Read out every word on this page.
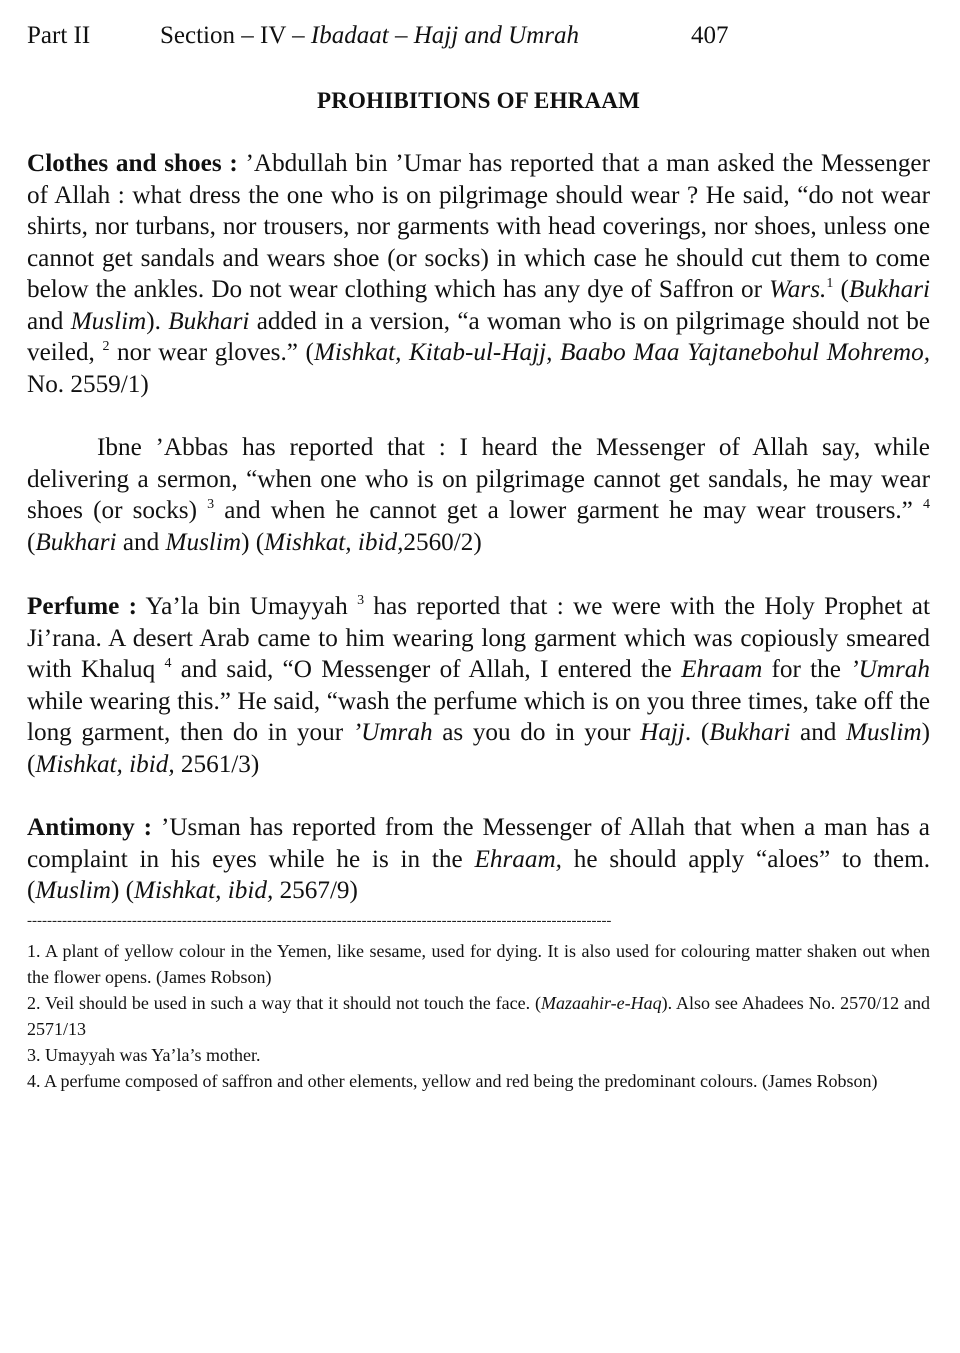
Part II	Section – IV – Ibadaat – Hajj and Umrah	407
PROHIBITIONS OF EHRAAM

Clothes and shoes : ’Abdullah bin ’Umar has reported that a man asked the Messenger of Allah : what dress the one who is on pilgrimage should wear ? He said, “do not wear shirts, nor turbans, nor trousers, nor garments with head coverings, nor shoes, unless one cannot get sandals and wears shoe (or socks) in which case he should cut them to come below the ankles. Do not wear clothing which has any dye of Saffron or Wars.$^1$ (Bukhari and Muslim). Bukhari added in a version, “a woman who is on pilgrimage should not be veiled, $^2$ nor wear gloves.” (Mishkat, Kitab-ul-Hajj, Baabo Maa Yajtanebohul Mohremo, No. 2559/1)

Ibne ’Abbas has reported that : I heard the Messenger of Allah say, while delivering a sermon, “when one who is on pilgrimage cannot get sandals, he may wear shoes (or socks) $^3$ and when he cannot get a lower garment he may wear trousers.” $^4$ (Bukhari and Muslim) (Mishkat, ibid,2560/2)

Perfume : Ya’la bin Umayyah $^3$ has reported that : we were with the Holy Prophet at Ji’rana. A desert Arab came to him wearing long garment which was copiously smeared with Khaluq $^4$ and said, “O Messenger of Allah, I entered the Ehraam for the ’Umrah while wearing this.” He said, “wash the perfume which is on you three times, take off the long garment, then do in your ’Umrah as you do in your Hajj. (Bukhari and Muslim) (Mishkat, ibid, 2561/3)

Antimony : ’Usman has reported from the Messenger of Allah that when a man has a complaint in his eyes while he is in the Ehraam, he should apply “aloes” to them. (Muslim) (Mishkat, ibid, 2567/9)

---------------------------------------------------------------------------------------------------------------------

1. A plant of yellow colour in the Yemen, like sesame, used for dying. It is also used for colouring matter shaken out when the flower opens. (James Robson)

2. Veil should be used in such a way that it should not touch the face. (Mazaahir-e-Haq). Also see Ahadees No. 2570/12 and 2571/13

3. Umayyah was Ya’la’s mother.

4. A perfume composed of saffron and other elements, yellow and red being the predominant colours. (James Robson)
